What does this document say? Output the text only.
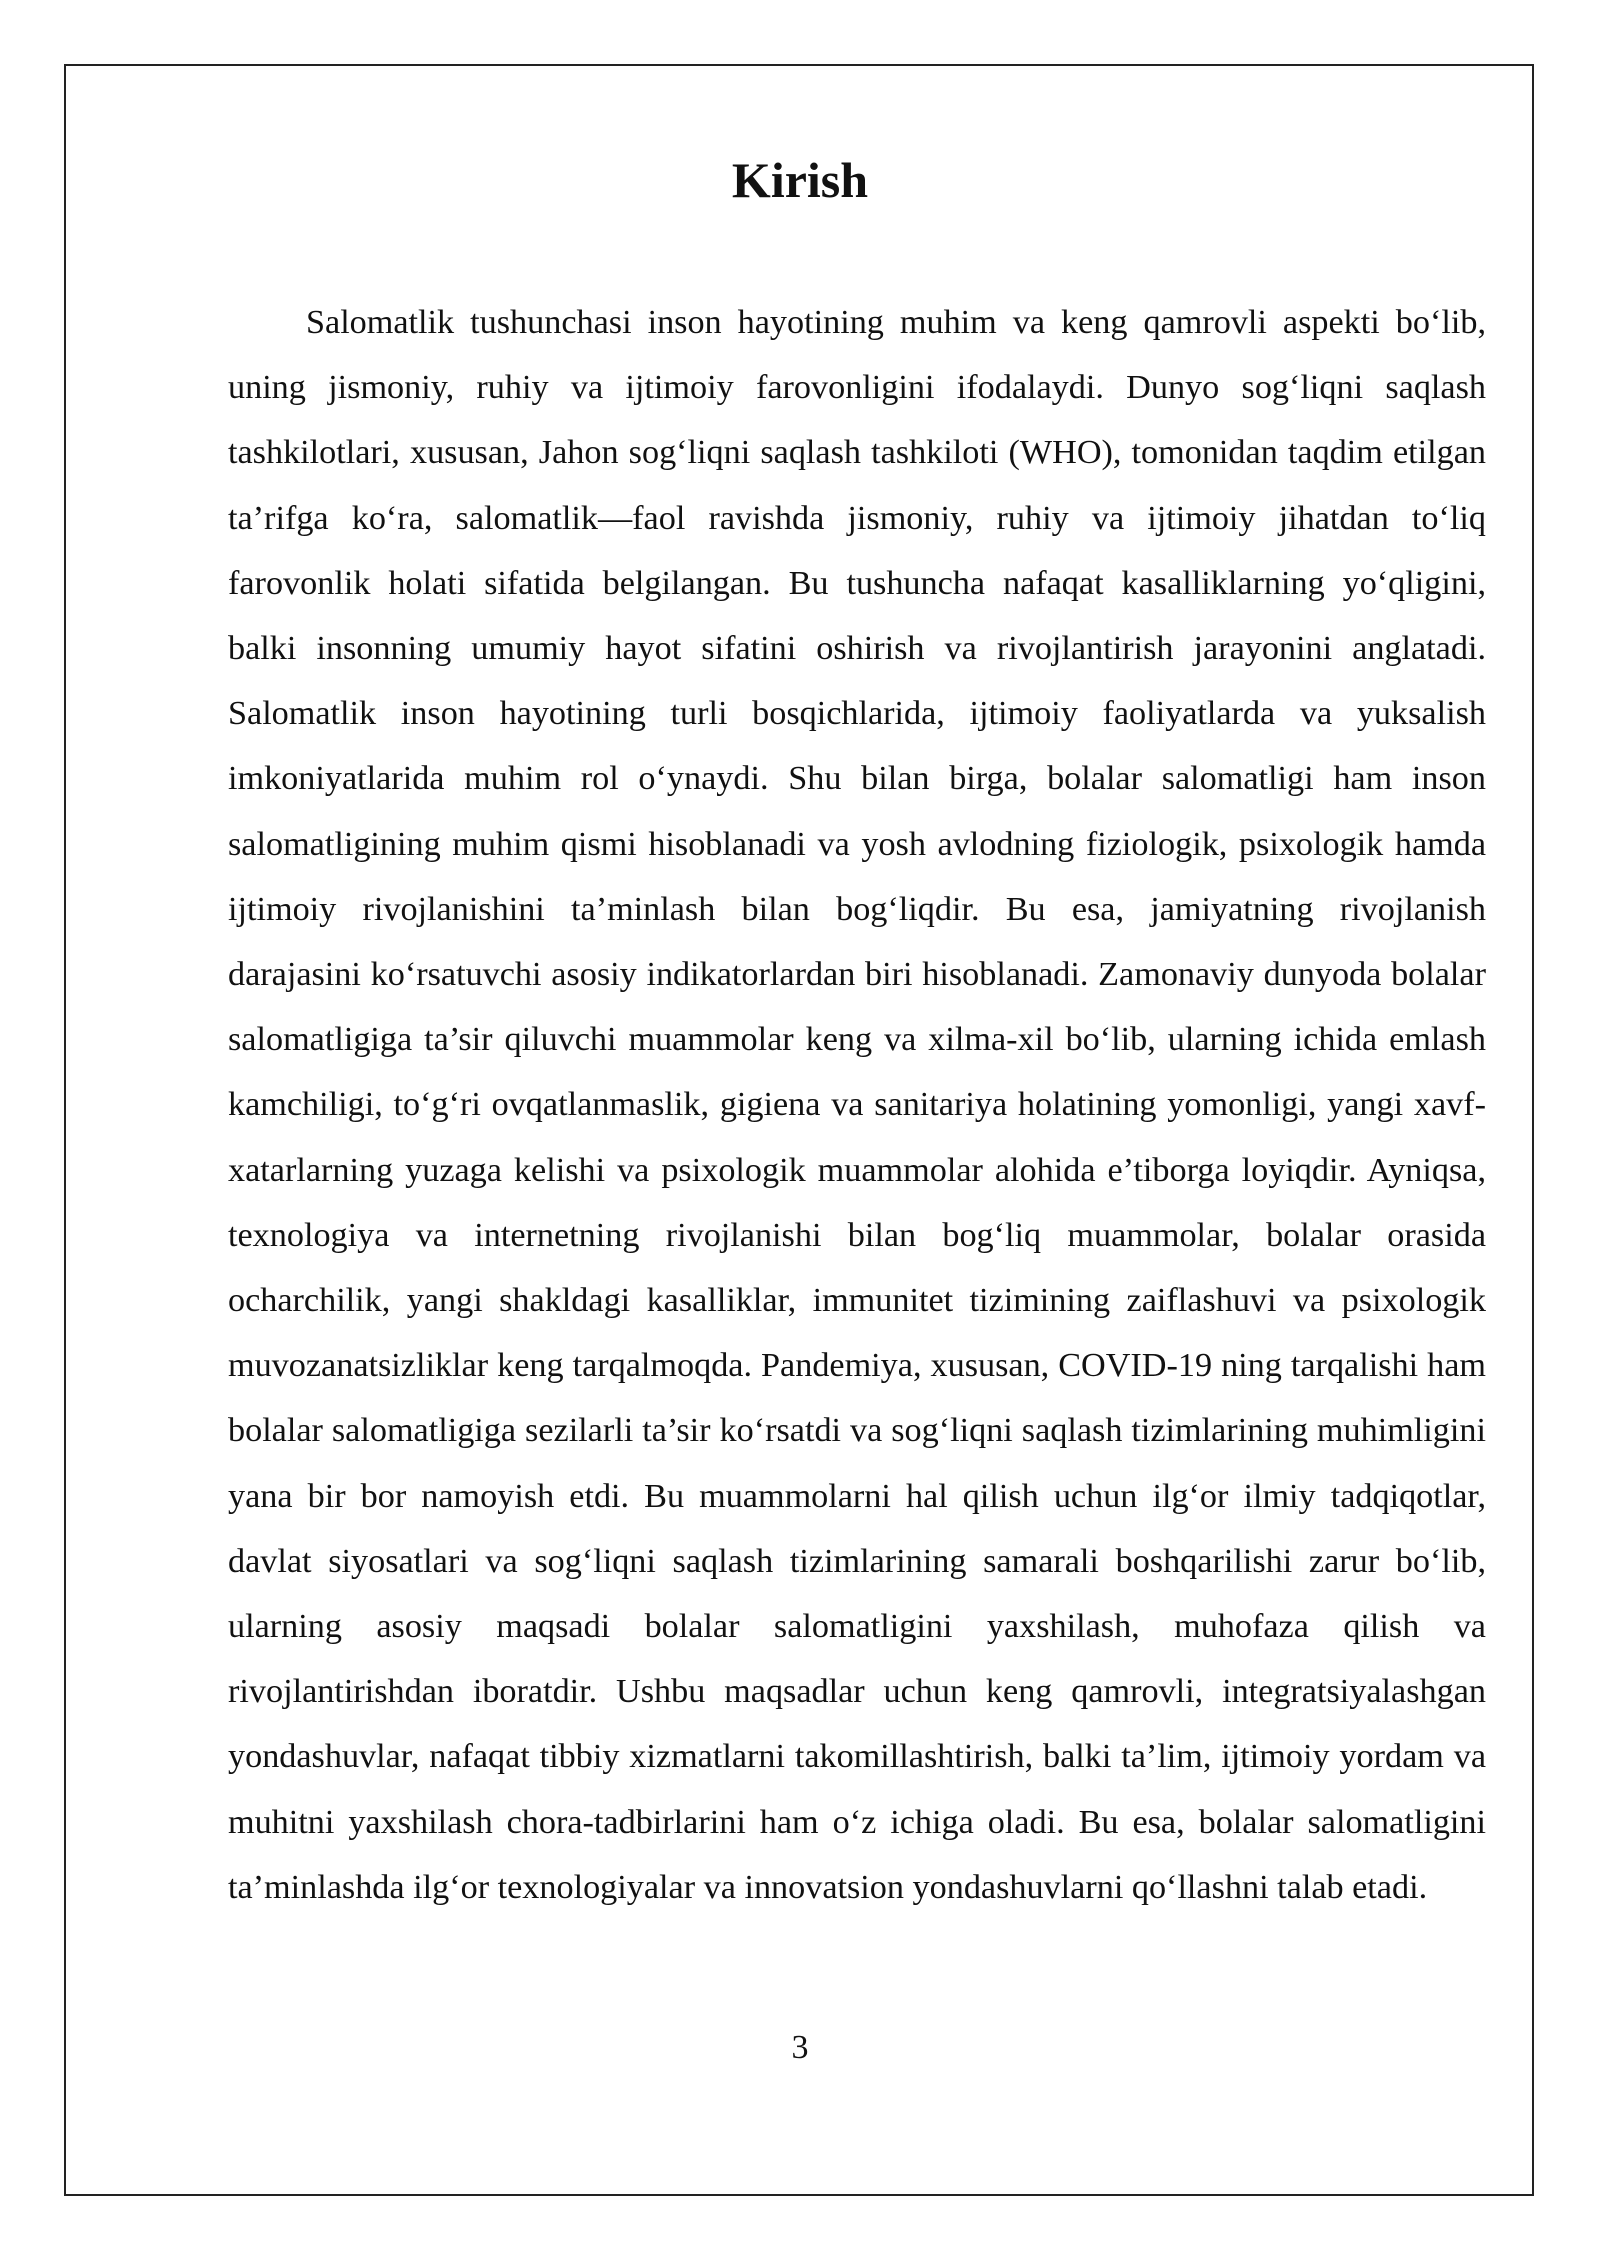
Kirish

Salomatlik tushunchasi inson hayotining muhim va keng qamrovli aspekti bo‘lib, uning jismoniy, ruhiy va ijtimoiy farovonligini ifodalaydi. Dunyo sog‘liqni saqlash tashkilotlari, xususan, Jahon sog‘liqni saqlash tashkiloti (WHO), tomonidan taqdim etilgan ta’rifga ko‘ra, salomatlik—faol ravishda jismoniy, ruhiy va ijtimoiy jihatdan to‘liq farovonlik holati sifatida belgilangan. Bu tushuncha nafaqat kasalliklarning yo‘qligini, balki insonning umumiy hayot sifatini oshirish va rivojlantirish jarayonini anglatadi. Salomatlik inson hayotining turli bosqichlarida, ijtimoiy faoliyatlarda va yuksalish imkoniyatlarida muhim rol o‘ynaydi. Shu bilan birga, bolalar salomatligi ham inson salomatligining muhim qismi hisoblanadi va yosh avlodning fiziologik, psixologik hamda ijtimoiy rivojlanishini ta’minlash bilan bog‘liqdir. Bu esa, jamiyatning rivojlanish darajasini ko‘rsatuvchi asosiy indikatorlardan biri hisoblanadi. Zamonaviy dunyoda bolalar salomatligiga ta’sir qiluvchi muammolar keng va xilma-xil bo‘lib, ularning ichida emlash kamchiligi, to‘g‘ri ovqatlanmaslik, gigiena va sanitariya holatining yomonligi, yangi xavf-xatarlarning yuzaga kelishi va psixologik muammolar alohida e’tiborga loyiqdir. Ayniqsa, texnologiya va internetning rivojlanishi bilan bog‘liq muammolar, bolalar orasida ocharchilik, yangi shakldagi kasalliklar, immunitet tizimining zaiflashuvi va psixologik muvozanatsizliklar keng tarqalmoqda. Pandemiya, xususan, COVID-19 ning tarqalishi ham bolalar salomatligiga sezilarli ta’sir ko‘rsatdi va sog‘liqni saqlash tizimlarining muhimligini yana bir bor namoyish etdi. Bu muammolarni hal qilish uchun ilg‘or ilmiy tadqiqotlar, davlat siyosatlari va sog‘liqni saqlash tizimlarining samarali boshqarilishi zarur bo‘lib, ularning asosiy maqsadi bolalar salomatligini yaxshilash, muhofaza qilish va rivojlantirishdan iboratdir. Ushbu maqsadlar uchun keng qamrovli, integratsiyalashgan yondashuvlar, nafaqat tibbiy xizmatlarni takomillashtirish, balki ta’lim, ijtimoiy yordam va muhitni yaxshilash chora-tadbirlarini ham o‘z ichiga oladi. Bu esa, bolalar salomatligini ta’minlashda ilg‘or texnologiyalar va innovatsion yondashuvlarni qo‘llashni talab etadi.

3
